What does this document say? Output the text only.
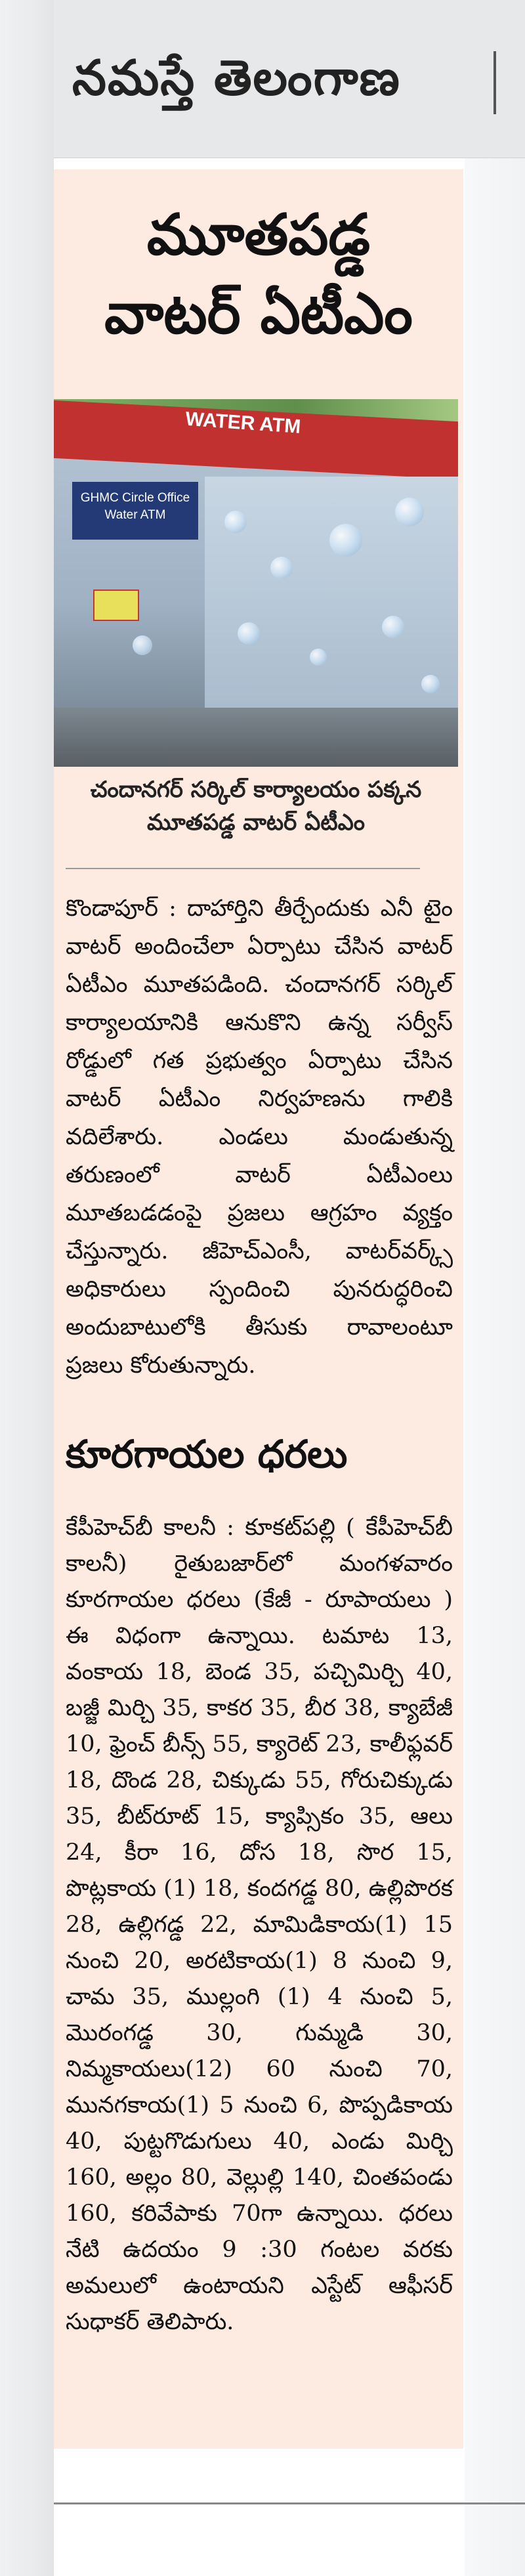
నమస్తే తెలంగాణ
మూతపడ్డ
వాటర్ ఏటీఎం
WATER ATM
GHMC Circle Office
Water ATM
చందానగర్ సర్కిల్ కార్యాలయం పక్కన మూతపడ్డ వాటర్ ఏటీఎం
కొండాపూర్ : దాహార్తిని తీర్చేందుకు ఎనీ టైం వాటర్ అందించేలా ఏర్పాటు చేసిన వాటర్ ఏటీఎం మూతపడింది. చందానగర్ సర్కిల్ కార్యాలయానికి ఆనుకొని ఉన్న సర్వీస్ రోడ్డులో గత ప్రభుత్వం ఏర్పాటు చేసిన వాటర్ ఏటీఎం నిర్వహణను గాలికి వదిలేశారు. ఎండలు మండుతున్న తరుణంలో వాటర్ ఏటీఎంలు మూతబడడంపై ప్రజలు ఆగ్రహం వ్యక్తం చేస్తున్నారు. జీహెచ్ఎంసీ, వాటర్‌వర్క్స్ అధికారులు స్పందించి పునరుద్ధరించి అందుబాటులోకి తీసుకు రావాలంటూ ప్రజలు కోరుతున్నారు.
కూరగాయల ధరలు
కేపీహెచ్‌బీ కాలనీ : కూకట్‌పల్లి ( కేపీహెచ్‌బీ కాలనీ) రైతుబజార్‌లో మంగళవారం కూరగాయల ధరలు (కేజీ - రూపాయలు ) ఈ విధంగా ఉన్నాయి. టమాట 13, వంకాయ 18, బెండ 35, పచ్చిమిర్చి 40, బజ్జీ మిర్చి 35, కాకర 35, బీర 38, క్యాబేజీ 10, ఫ్రెంచ్ బీన్స్ 55, క్యారెట్ 23, కాలీఫ్లవర్ 18, దొండ 28, చిక్కుడు 55, గోరుచిక్కుడు 35, బీట్‌రూట్ 15, క్యాప్సికం 35, ఆలు 24, కీరా 16, దోస 18, సొర 15, పొట్లకాయ (1) 18, కందగడ్డ 80, ఉల్లిపొరక 28, ఉల్లిగడ్డ 22, మామిడికాయ(1) 15 నుంచి 20, అరటికాయ(1) 8 నుంచి 9, చామ 35, ముల్లంగి (1) 4 నుంచి 5, మొరంగడ్డ 30, గుమ్మడి 30, నిమ్మకాయలు(12) 60 నుంచి 70, మునగకాయ(1) 5 నుంచి 6, పొప్పడికాయ 40, పుట్టగొడుగులు 40, ఎండు మిర్చి 160, అల్లం 80, వెల్లుల్లి 140, చింతపండు 160, కరివేపాకు 70గా ఉన్నాయి. ధరలు నేటి ఉదయం 9 :30 గంటల వరకు అమలులో ఉంటాయని ఎస్టేట్ ఆఫీసర్ సుధాకర్ తెలిపారు.
